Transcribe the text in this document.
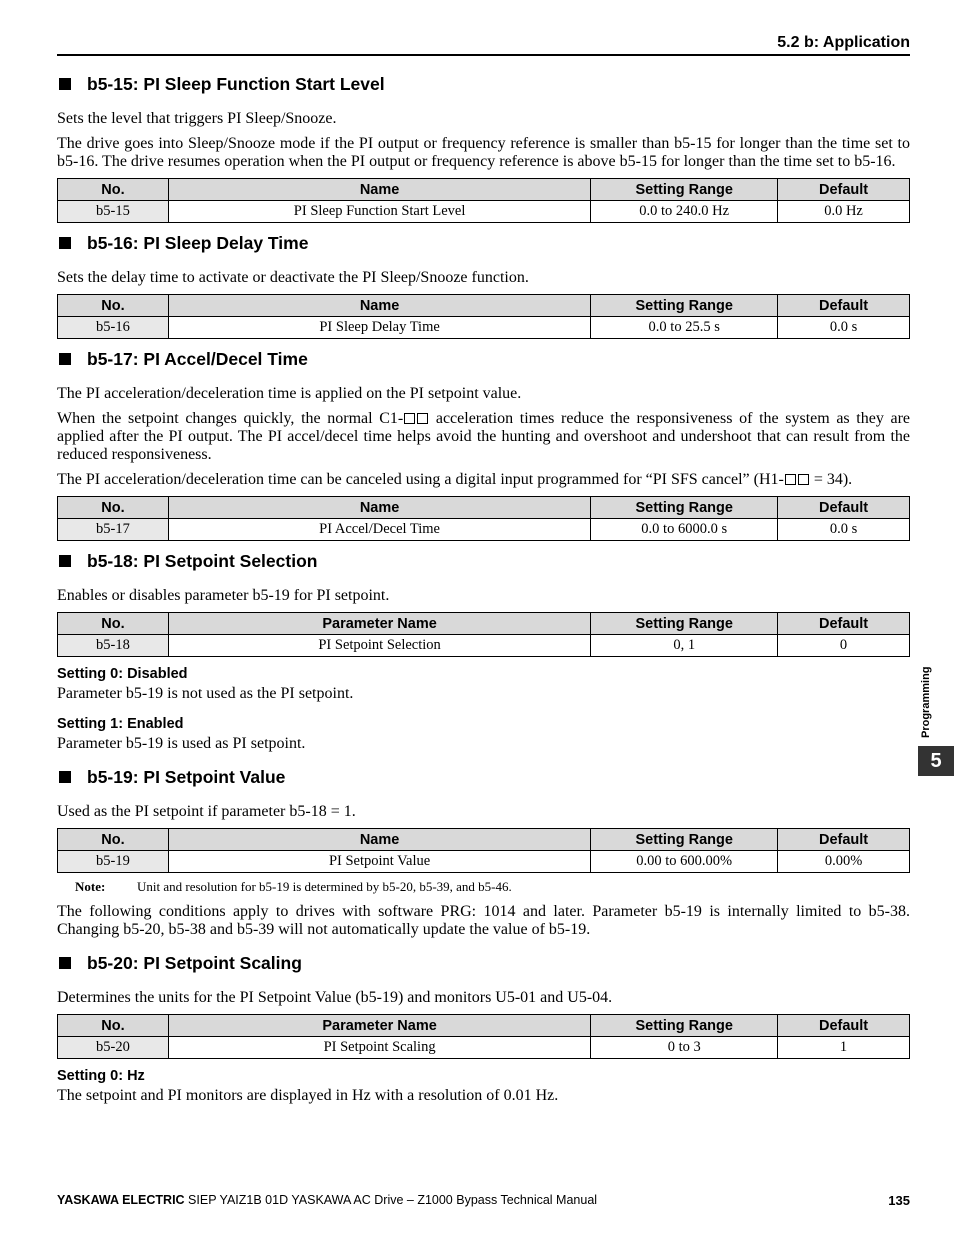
5.2 b: Application
b5-15: PI Sleep Function Start Level

Sets the level that triggers PI Sleep/Snooze.

The drive goes into Sleep/Snooze mode if the PI output or frequency reference is smaller than b5-15 for longer than the time set to b5-16. The drive resumes operation when the PI output or frequency reference is above b5-15 for longer than the time set to b5-16.

No.	Name	Setting Range	Default
b5-15	PI Sleep Function Start Level	0.0 to 240.0 Hz	0.0 Hz
b5-16: PI Sleep Delay Time

Sets the delay time to activate or deactivate the PI Sleep/Snooze function.

No.	Name	Setting Range	Default
b5-16	PI Sleep Delay Time	0.0 to 25.5 s	0.0 s
b5-17: PI Accel/Decel Time

The PI acceleration/deceleration time is applied on the PI setpoint value.

When the setpoint changes quickly, the normal C1- acceleration times reduce the responsiveness of the system as they are applied after the PI output. The PI accel/decel time helps avoid the hunting and overshoot and undershoot that can result from the reduced responsiveness.

The PI acceleration/deceleration time can be canceled using a digital input programmed for “PI SFS cancel” (H1- = 34).

No.	Name	Setting Range	Default
b5-17	PI Accel/Decel Time	0.0 to 6000.0 s	0.0 s
b5-18: PI Setpoint Selection

Enables or disables parameter b5-19 for PI setpoint.

No.	Parameter Name	Setting Range	Default
b5-18	PI Setpoint Selection	0, 1	0
Setting 0: Disabled

Parameter b5-19 is not used as the PI setpoint.

Setting 1: Enabled

Parameter b5-19 is used as PI setpoint.

b5-19: PI Setpoint Value

Used as the PI setpoint if parameter b5-18 = 1.

No.	Name	Setting Range	Default
b5-19	PI Setpoint Value	0.00 to 600.00%	0.00%
Note:	Unit and resolution for b5-19 is determined by b5-20, b5-39, and b5-46.

The following conditions apply to drives with software PRG: 1014 and later. Parameter b5-19 is internally limited to b5-38. Changing b5-20, b5-38 and b5-39 will not automatically update the value of b5-19.

b5-20: PI Setpoint Scaling

Determines the units for the PI Setpoint Value (b5-19) and monitors U5-01 and U5-04.

No.	Parameter Name	Setting Range	Default
b5-20	PI Setpoint Scaling	0 to 3	1
Setting 0: Hz

The setpoint and PI monitors are displayed in Hz with a resolution of 0.01 Hz.

Programming
5
YASKAWA ELECTRIC SIEP YAIZ1B 01D YASKAWA AC Drive – Z1000 Bypass Technical Manual	135
